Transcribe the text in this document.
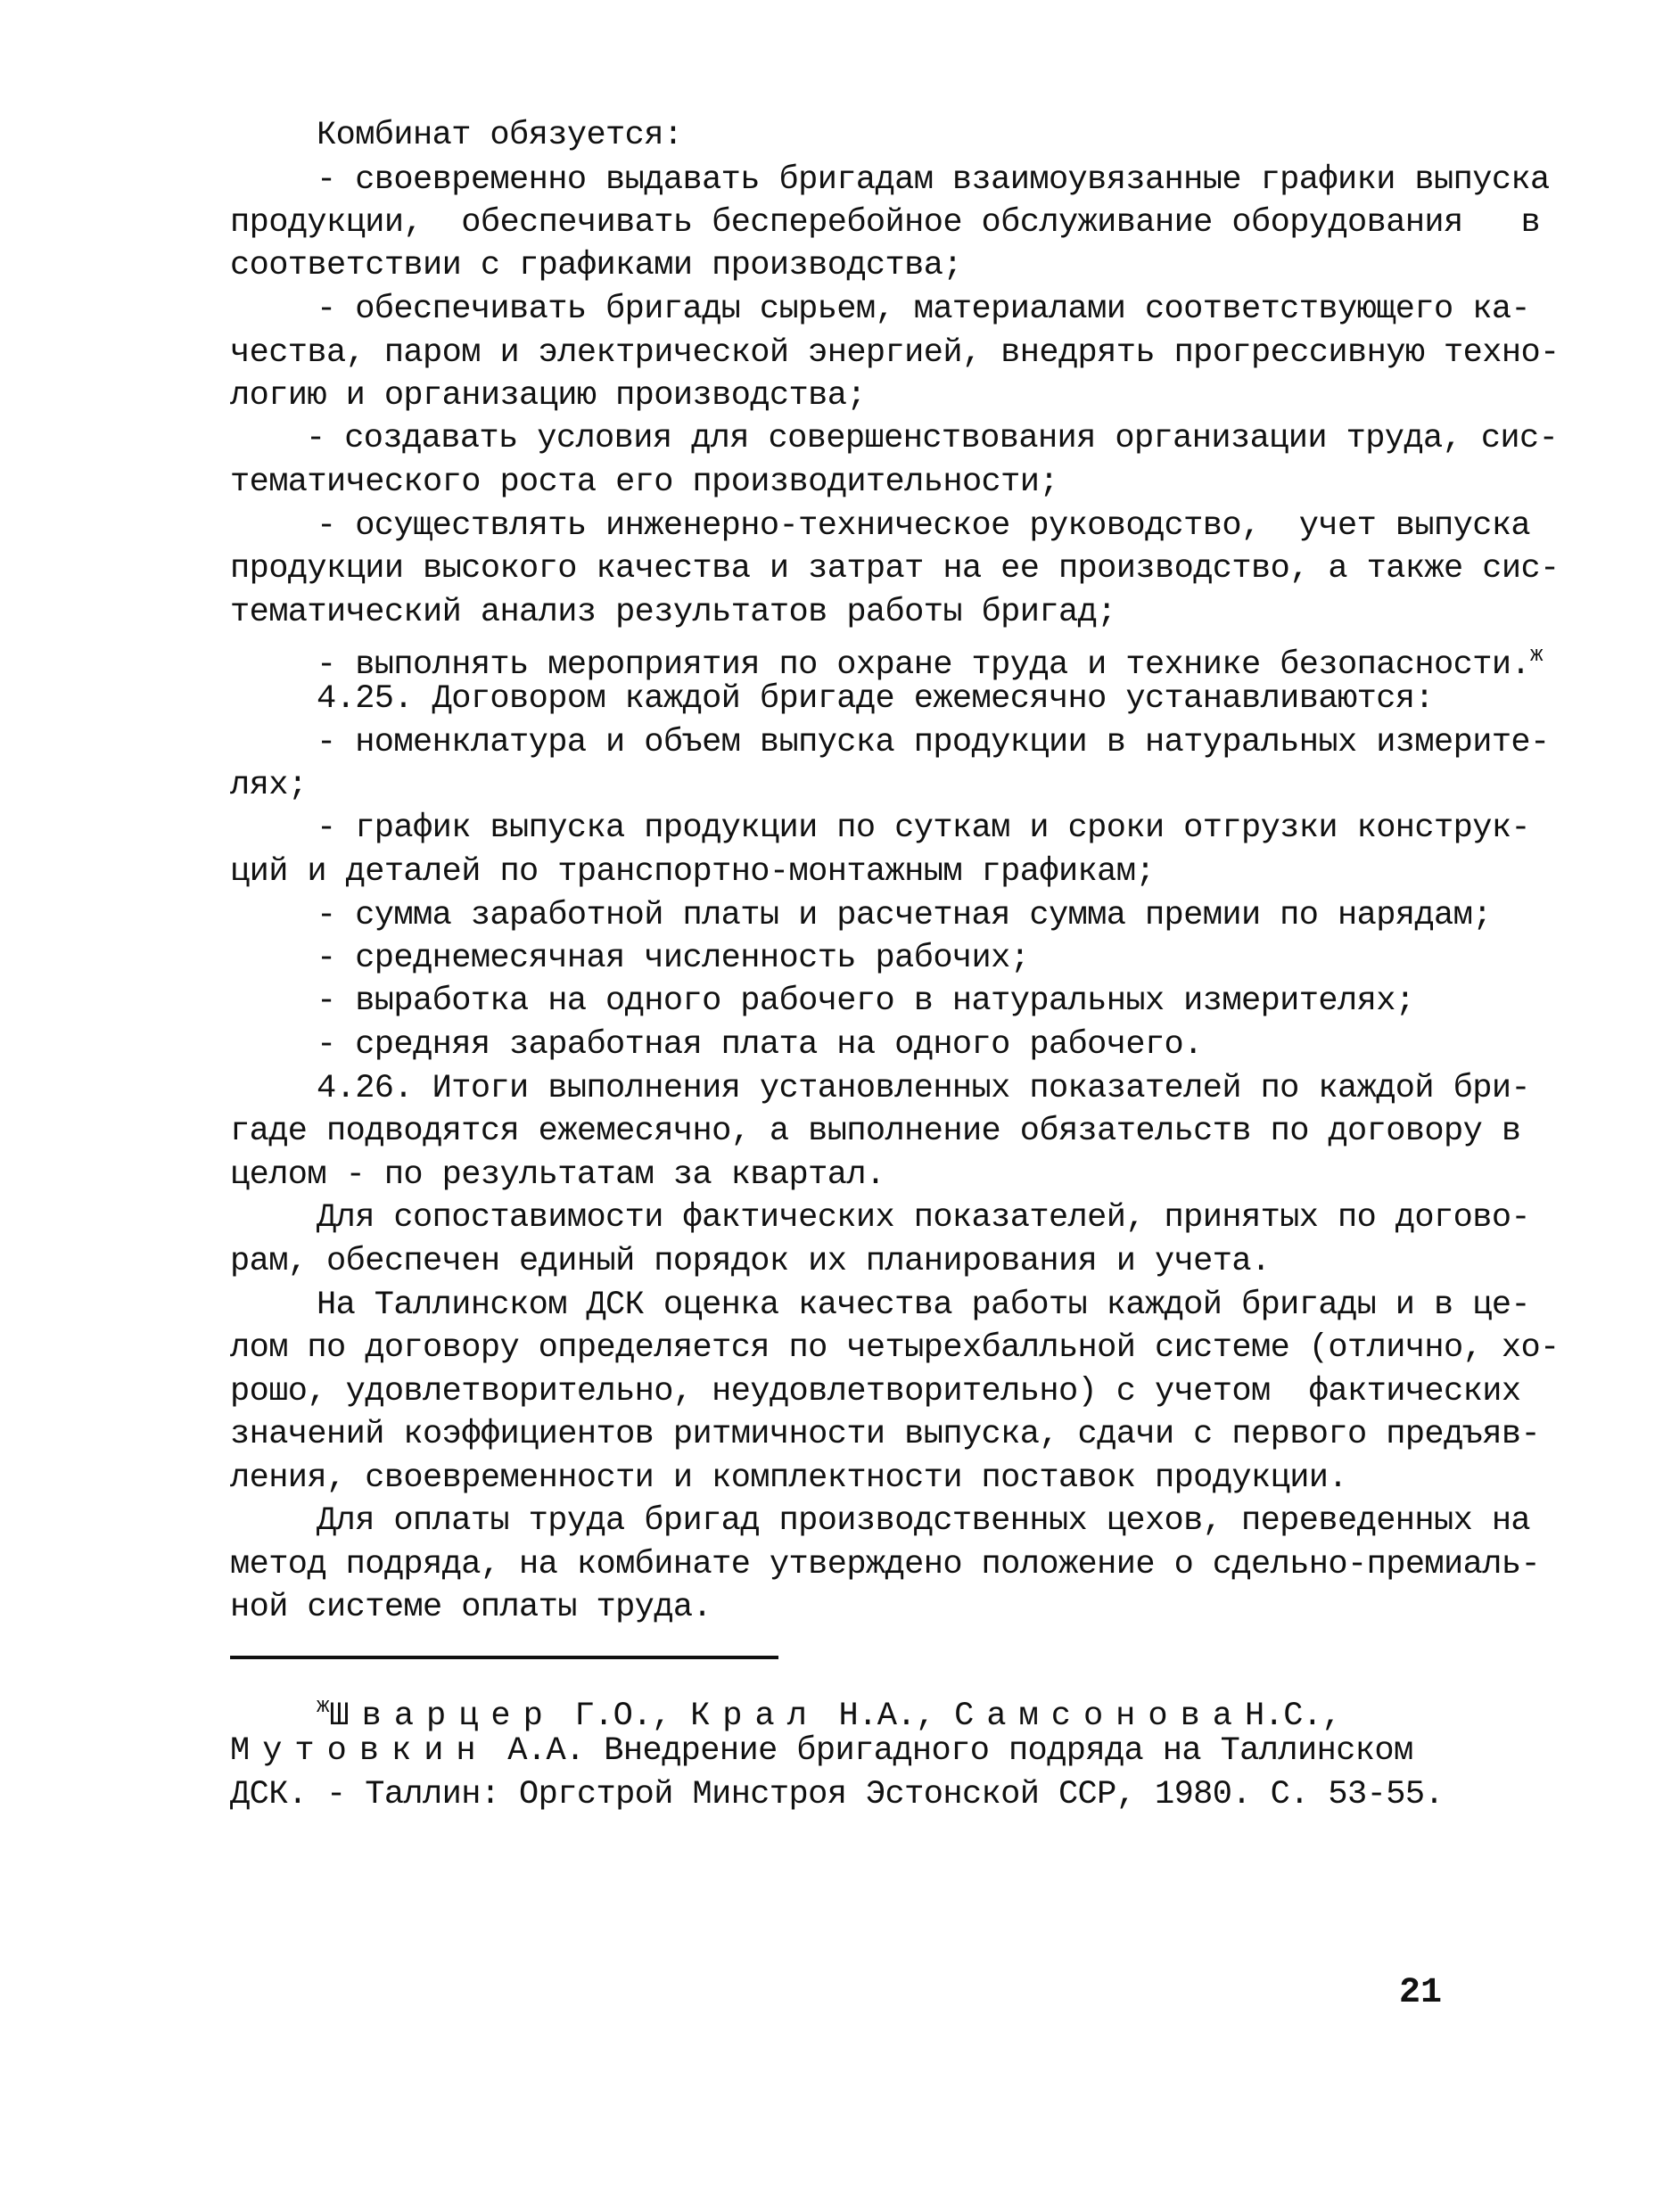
Комбинат обязуется:
- своевременно выдавать бригадам взаимоувязанные графики выпуска
продукции,  обеспечивать бесперебойное обслуживание оборудования   в
соответствии с графиками производства;
- обеспечивать бригады сырьем, материалами соответствующего ка-
чества, паром и электрической энергией, внедрять прогрессивную техно-
логию и организацию производства;
- создавать условия для совершенствования организации труда, сис-
тематического роста его производительности;
- осуществлять инженерно-техническое руководство,  учет выпуска
продукции высокого качества и затрат на ее производство, а также сис-
тематический анализ результатов работы бригад;
- выполнять мероприятия по охране труда и технике безопасности.$^ж$
4.25. Договором каждой бригаде ежемесячно устанавливаются:
- номенклатура и объем выпуска продукции в натуральных измерите-
лях;
- график выпуска продукции по суткам и сроки отгрузки конструк-
ций и деталей по транспортно-монтажным графикам;
- сумма заработной платы и расчетная сумма премии по нарядам;
- среднемесячная численность рабочих;
- выработка на одного рабочего в натуральных измерителях;
- средняя заработная плата на одного рабочего.
4.26. Итоги выполнения установленных показателей по каждой бри-
гаде подводятся ежемесячно, а выполнение обязательств по договору в
целом - по результатам за квартал.
Для сопоставимости фактических показателей, принятых по догово-
рам, обеспечен единый порядок их планирования и учета.
На Таллинском ДСК оценка качества работы каждой бригады и в це-
лом по договору определяется по четырехбалльной системе (отлично, хо-
рошо, удовлетворительно, неудовлетворительно) с учетом  фактических
значений коэффициентов ритмичности выпуска, сдачи с первого предъяв-
ления, своевременности и комплектности поставок продукции.
Для оплаты труда бригад производственных цехов, переведенных на
метод подряда, на комбинате утверждено положение о сдельно-премиаль-
ной системе оплаты труда.
$^ж$Шварцер Г.О., Крал Н.А., СамсоноваН.С.,
Мутовкин А.А. Внедрение бригадного подряда на Таллинском
ДСК. - Таллин: Оргстрой Минстроя Эстонской ССР, 1980. С. 53-55.
21
